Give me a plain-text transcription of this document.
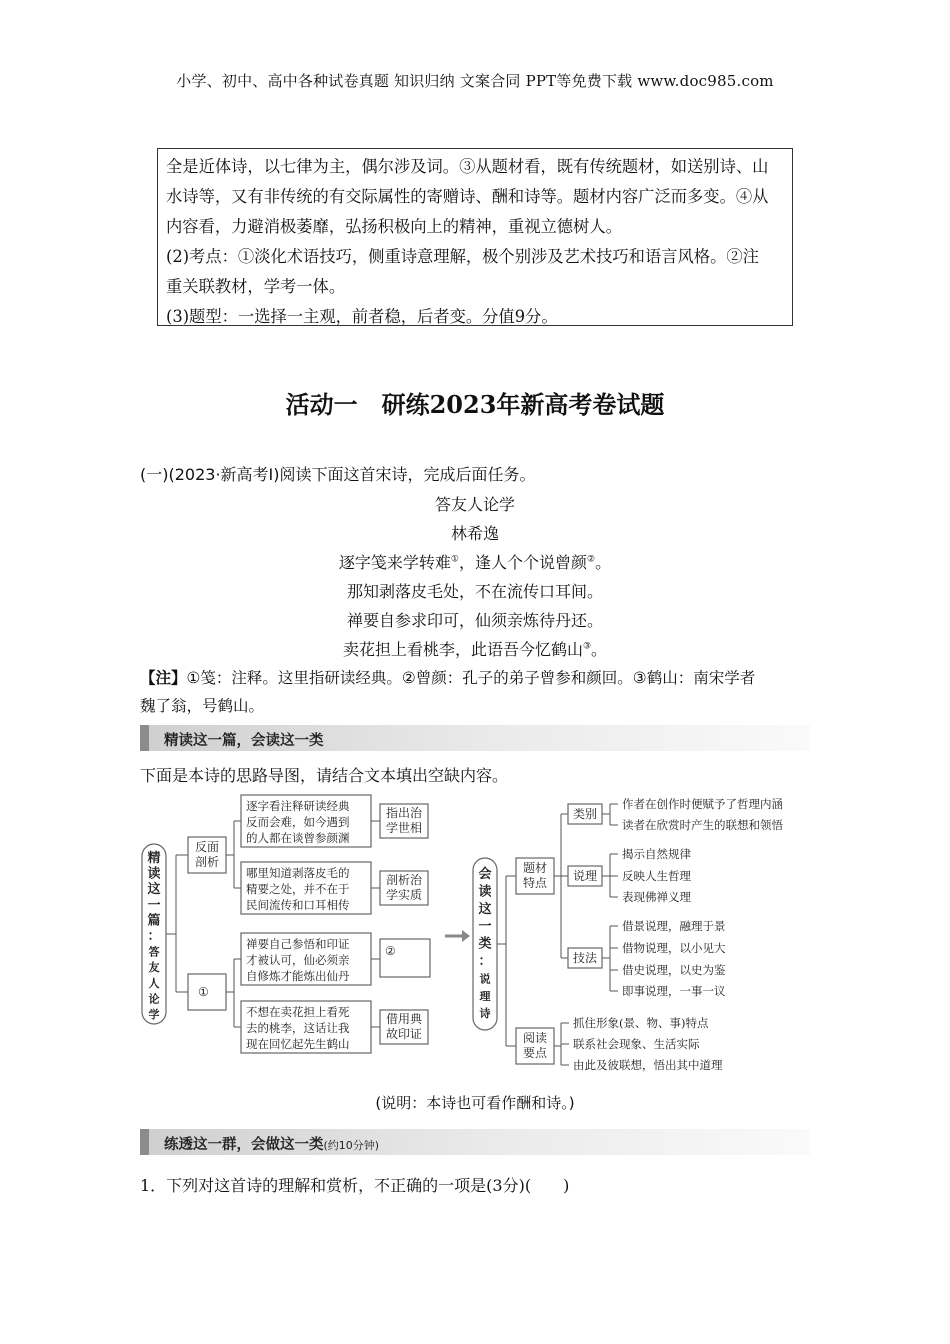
小学、初中、高中各种试卷真题 知识归纳 文案合同 PPT等免费下载 www.doc985.com

全是近体诗，以七律为主，偶尔涉及词。③从题材看，既有传统题材，如送别诗、山

水诗等，又有非传统的有交际属性的寄赠诗、酬和诗等。题材内容广泛而多变。④从

内容看，力避消极萎靡，弘扬积极向上的精神，重视立德树人。

(2)考点：①淡化术语技巧，侧重诗意理解，极个别涉及艺术技巧和语言风格。②注

重关联教材，学考一体。

(3)题型：一选择一主观，前者稳，后者变。分值9分。

活动一　研练2023年新高考卷试题
(一)(2023·新高考Ⅰ)阅读下面这首宋诗，完成后面任务。
答友人论学
林希逸
逐字笺来学转难①，逢人个个说曾颜②。
那知剥落皮毛处，不在流传口耳间。
禅要自参求印可，仙须亲炼待丹还。
卖花担上看桃李，此语吾今忆鹤山③。
【注】①笺：注释。这里指研读经典。②曾颜：孔子的弟子曾参和颜回。③鹤山：南宋学者
魏了翁，号鹤山。
精读这一篇，会读这一类
下面是本诗的思路导图，请结合文本填出空缺内容。
精
读
这
一
篇
：
答
友
人
论
学
反面剖析
①
逐字看注释研读经典
反而会难，如今遇到
的人都在谈曾参颜渊
指出治
学世相
哪里知道剥落皮毛的
精要之处，并不在于
民间流传和口耳相传
剖析治
学实质
禅要自己参悟和印证
才被认可，仙必须亲
自修炼才能炼出仙丹
②
不想在卖花担上看死
去的桃李，这话让我
现在回忆起先生鹤山
借用典
故印证
会
读
这
一
类
：
说
理
诗
题材特点
阅读要点
类别
说理
技法
作者在创作时便赋予了哲理内涵
读者在欣赏时产生的联想和领悟
揭示自然规律
反映人生哲理
表现佛禅义理
借景说理，融理于景
借物说理，以小见大
借史说理，以史为鉴
即事说理，一事一议
抓住形象(景、物、事)特点
联系社会现象、生活实际
由此及彼联想，悟出其中道理
(说明：本诗也可看作酬和诗。)
练透这一群，会做这一类(约10分钟)
1．下列对这首诗的理解和赏析，不正确的一项是(3分)(　　)
